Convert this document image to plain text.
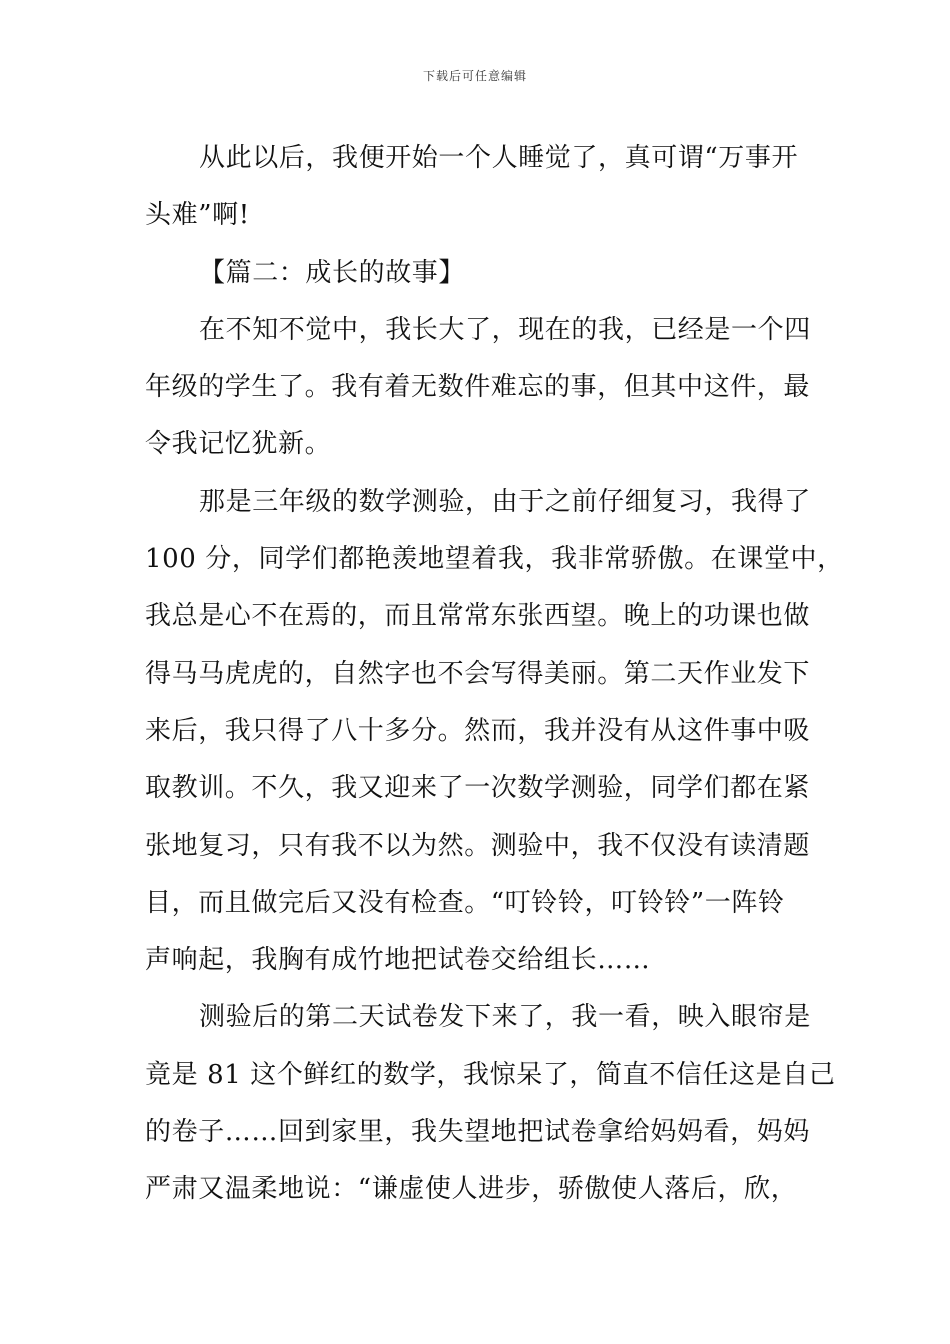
下载后可任意编辑
从此以后，我便开始一个人睡觉了，真可谓“万事开
头难”啊!
【篇二：成长的故事】
在不知不觉中，我长大了，现在的我，已经是一个四
年级的学生了。我有着无数件难忘的事，但其中这件，最
令我记忆犹新。
那是三年级的数学测验，由于之前仔细复习，我得了
100 分，同学们都艳羡地望着我，我非常骄傲。在课堂中，
我总是心不在焉的，而且常常东张西望。晚上的功课也做
得马马虎虎的，自然字也不会写得美丽。第二天作业发下
来后，我只得了八十多分。然而，我并没有从这件事中吸
取教训。不久，我又迎来了一次数学测验，同学们都在紧
张地复习，只有我不以为然。测验中，我不仅没有读清题
目，而且做完后又没有检查。“叮铃铃，叮铃铃”一阵铃
声响起，我胸有成竹地把试卷交给组长……
测验后的第二天试卷发下来了，我一看，映入眼帘是
竟是 81 这个鲜红的数学，我惊呆了，简直不信任这是自己
的卷子……回到家里，我失望地把试卷拿给妈妈看，妈妈
严肃又温柔地说：“谦虚使人进步，骄傲使人落后，欣，
